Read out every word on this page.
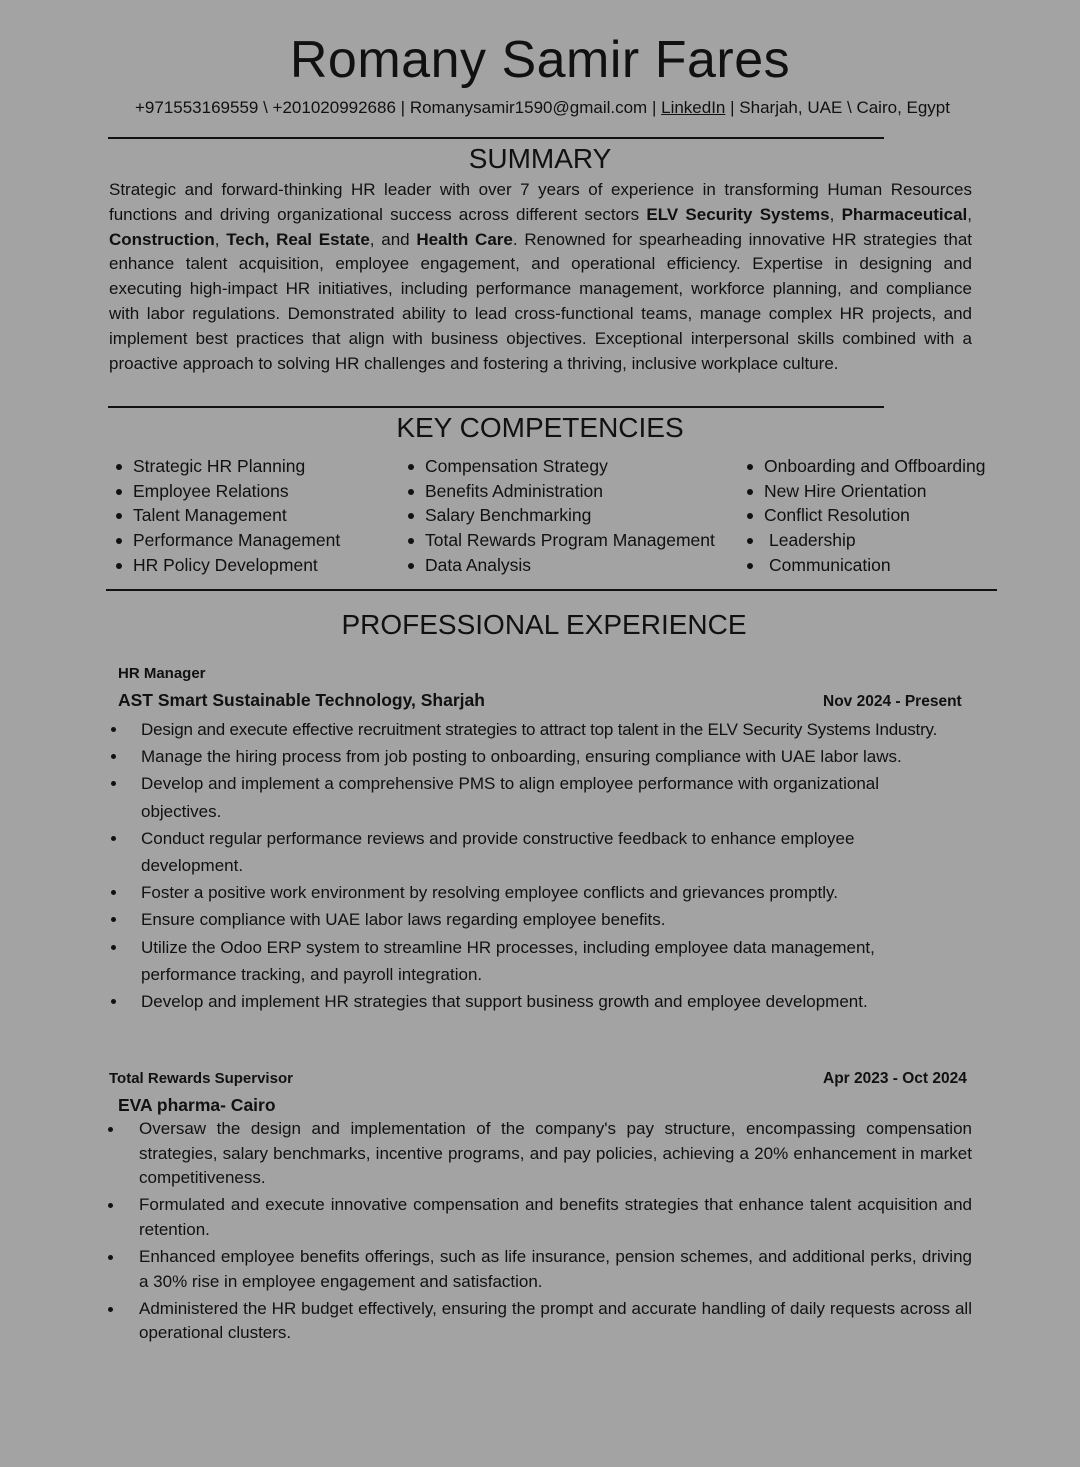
Romany Samir Fares
+971553169559 \ +201020992686 | Romanysamir1590@gmail.com | LinkedIn | Sharjah, UAE \ Cairo, Egypt
SUMMARY
Strategic and forward-thinking HR leader with over 7 years of experience in transforming Human Resources functions and driving organizational success across different sectors ELV Security Systems, Pharmaceutical, Construction, Tech, Real Estate, and Health Care. Renowned for spearheading innovative HR strategies that enhance talent acquisition, employee engagement, and operational efficiency. Expertise in designing and executing high-impact HR initiatives, including performance management, workforce planning, and compliance with labor regulations. Demonstrated ability to lead cross-functional teams, manage complex HR projects, and implement best practices that align with business objectives. Exceptional interpersonal skills combined with a proactive approach to solving HR challenges and fostering a thriving, inclusive workplace culture.
KEY COMPETENCIES
Strategic HR Planning
Employee Relations
Talent Management
Performance Management
HR Policy Development
Compensation Strategy
Benefits Administration
Salary Benchmarking
Total Rewards Program Management
Data Analysis
Onboarding and Offboarding
New Hire Orientation
Conflict Resolution
Leadership
Communication
PROFESSIONAL EXPERIENCE
HR Manager
AST Smart Sustainable Technology, Sharjah	Nov 2024 - Present
Design and execute effective recruitment strategies to attract top talent in the ELV Security Systems Industry.
Manage the hiring process from job posting to onboarding, ensuring compliance with UAE labor laws.
Develop and implement a comprehensive PMS to align employee performance with organizational objectives.
Conduct regular performance reviews and provide constructive feedback to enhance employee development.
Foster a positive work environment by resolving employee conflicts and grievances promptly.
Ensure compliance with UAE labor laws regarding employee benefits.
Utilize the Odoo ERP system to streamline HR processes, including employee data management, performance tracking, and payroll integration.
Develop and implement HR strategies that support business growth and employee development.
Total Rewards Supervisor	Apr 2023 - Oct 2024
EVA pharma- Cairo
Oversaw the design and implementation of the company's pay structure, encompassing compensation strategies, salary benchmarks, incentive programs, and pay policies, achieving a 20% enhancement in market competitiveness.
Formulated and execute innovative compensation and benefits strategies that enhance talent acquisition and retention.
Enhanced employee benefits offerings, such as life insurance, pension schemes, and additional perks, driving a 30% rise in employee engagement and satisfaction.
Administered the HR budget effectively, ensuring the prompt and accurate handling of daily requests across all operational clusters.
